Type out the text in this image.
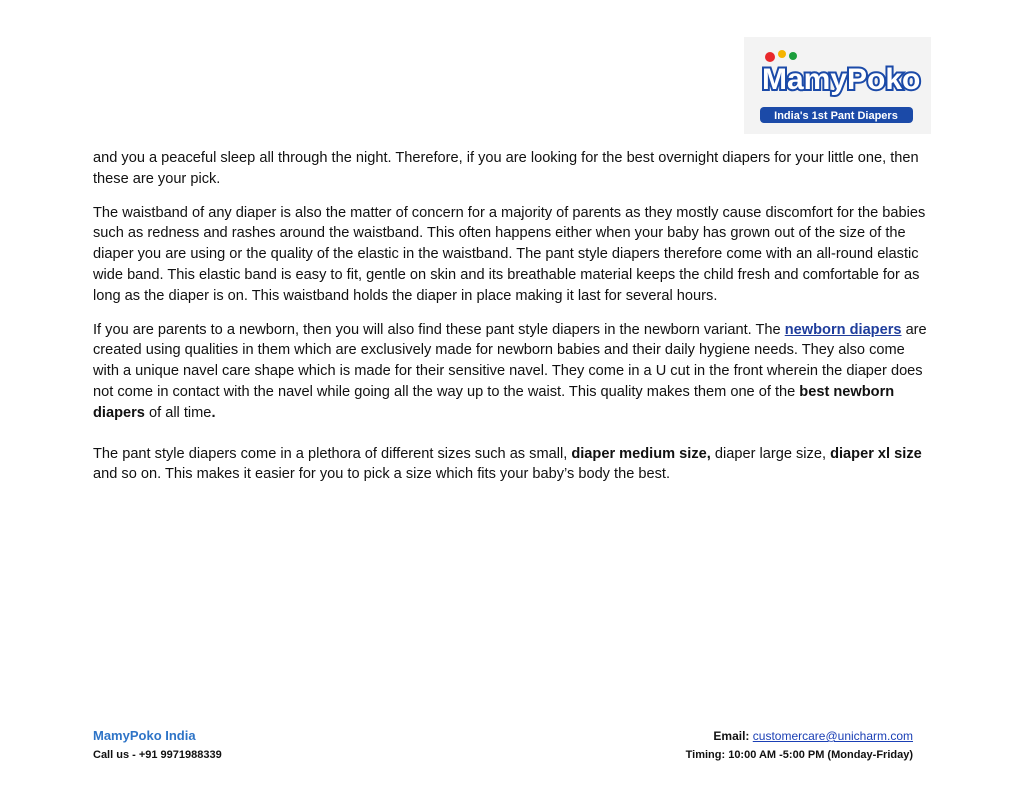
MamyPoko
India's 1st Pant Diapers

and you a peaceful sleep all through the night. Therefore, if you are looking for the best overnight diapers for your little one, then these are your pick.

The waistband of any diaper is also the matter of concern for a majority of parents as they mostly cause discomfort for the babies such as redness and rashes around the waistband. This often happens either when your baby has grown out of the size of the diaper you are using or the quality of the elastic in the waistband. The pant style diapers therefore come with an all-round elastic wide band. This elastic band is easy to fit, gentle on skin and its breathable material keeps the child fresh and comfortable for as long as the diaper is on. This waistband holds the diaper in place making it last for several hours.

If you are parents to a newborn, then you will also find these pant style diapers in the newborn variant. The newborn diapers are created using qualities in them which are exclusively made for newborn babies and their daily hygiene needs. They also come with a unique navel care shape which is made for their sensitive navel. They come in a U cut in the front wherein the diaper does not come in contact with the navel while going all the way up to the waist. This quality makes them one of the best newborn diapers of all time.

The pant style diapers come in a plethora of different sizes such as small, diaper medium size, diaper large size, diaper xl size and so on. This makes it easier for you to pick a size which fits your baby’s body the best.

MamyPoko India	Email: customercare@unicharm.com
Call us - +91 9971988339	Timing: 10:00 AM -5:00 PM (Monday-Friday)
